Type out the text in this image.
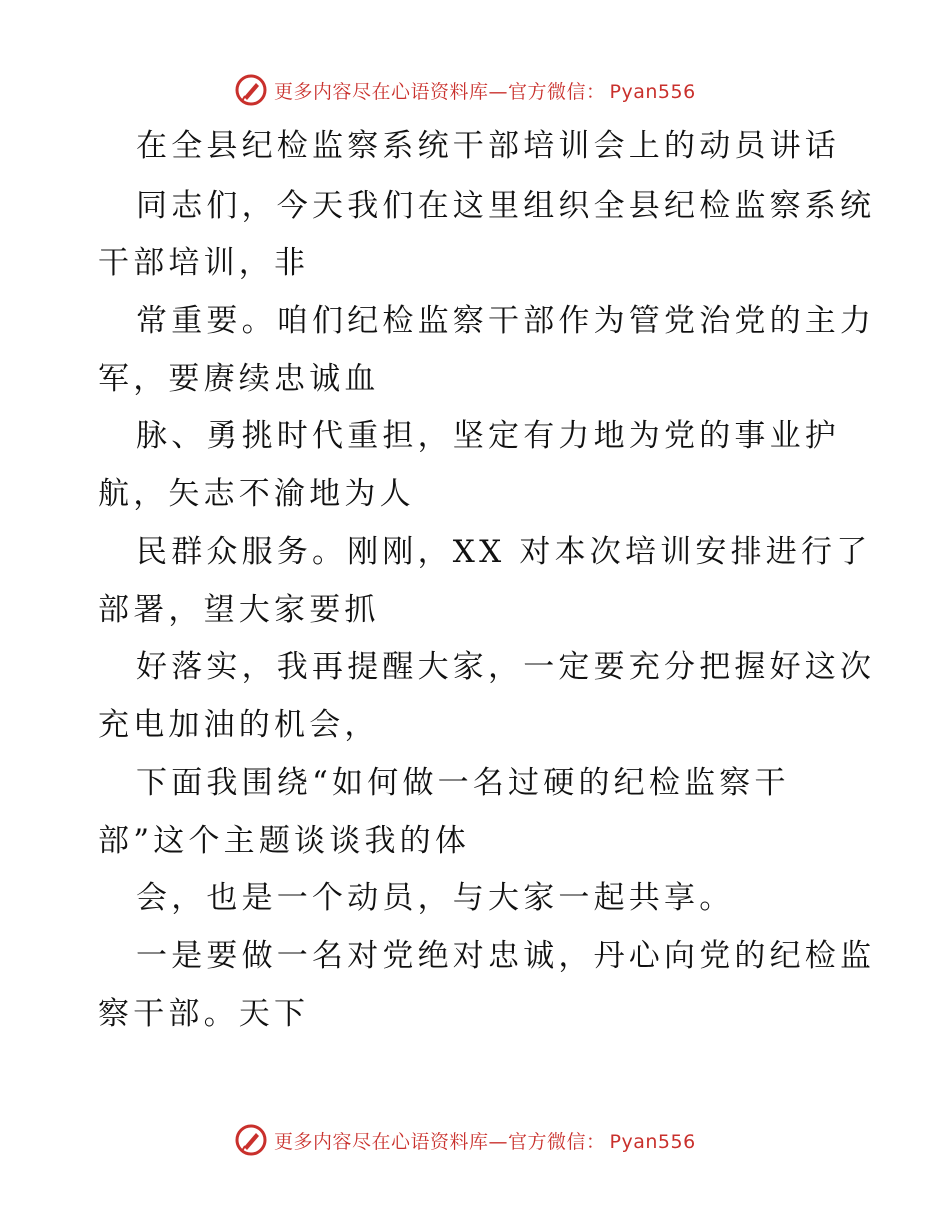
更多内容尽在心语资料库—官方微信： Pyan556
在全县纪检监察系统干部培训会上的动员讲话
同志们，今天我们在这里组织全县纪检监察系统
干部培训，非
常重要。咱们纪检监察干部作为管党治党的主力
军，要赓续忠诚血
脉、勇挑时代重担，坚定有力地为党的事业护
航，矢志不渝地为人
民群众服务。刚刚，XX 对本次培训安排进行了
部署，望大家要抓
好落实，我再提醒大家，一定要充分把握好这次
充电加油的机会，
下面我围绕“如何做一名过硬的纪检监察干
部”这个主题谈谈我的体
会，也是一个动员，与大家一起共享。
一是要做一名对党绝对忠诚，丹心向党的纪检监
察干部。天下
更多内容尽在心语资料库—官方微信： Pyan556
